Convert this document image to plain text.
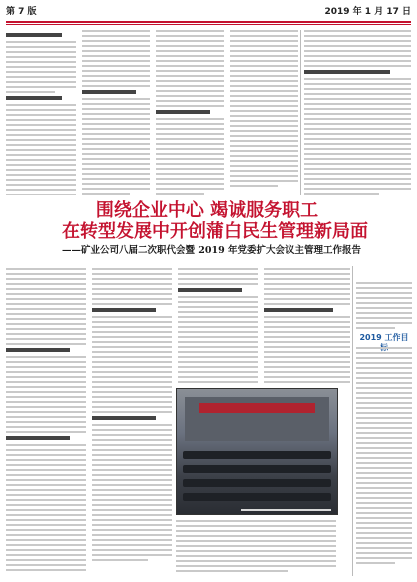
第 7 版	2019 年 1 月 17 日
围绕企业中心 竭诚服务职工
在转型发展中开创蒲白民生管理新局面
——矿业公司八届二次职代会暨 2019 年党委扩大会议主管理工作报告
2019 工作目
